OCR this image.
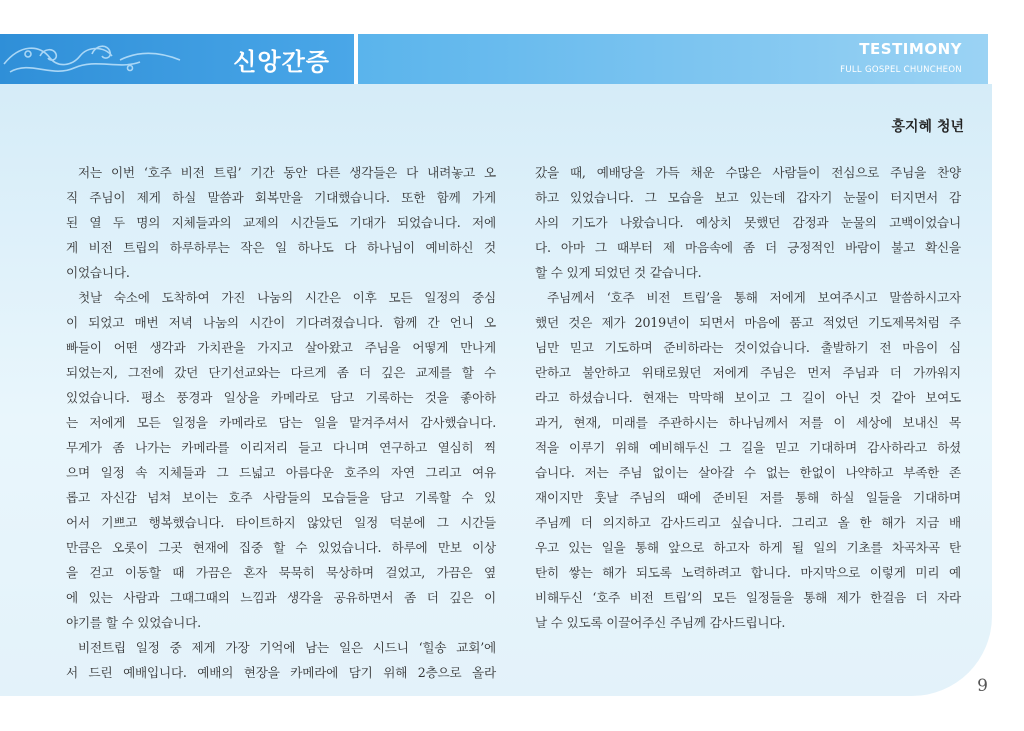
신앙간증	TESTIMONY
FULL GOSPEL CHUNCHEON
홍지혜 청년
저는 이번 ‘호주 비전 트립’ 기간 동안 다른 생각들은 다 내려놓고 오
직 주님이 제게 하실 말씀과 회복만을 기대했습니다. 또한 함께 가게
된 열 두 명의 지체들과의 교제의 시간들도 기대가 되었습니다. 저에
게 비전 트립의 하루하루는 작은 일 하나도 다 하나님이 예비하신 것
이었습니다.
첫날 숙소에 도착하여 가진 나눔의 시간은 이후 모든 일정의 중심
이 되었고 매번 저녁 나눔의 시간이 기다려졌습니다. 함께 간 언니 오
빠들이 어떤 생각과 가치관을 가지고 살아왔고 주님을 어떻게 만나게
되었는지, 그전에 갔던 단기선교와는 다르게 좀 더 깊은 교제를 할 수
있었습니다. 평소 풍경과 일상을 카메라로 담고 기록하는 것을 좋아하
는 저에게 모든 일정을 카메라로 담는 일을 맡겨주셔서 감사했습니다.
무게가 좀 나가는 카메라를 이리저리 들고 다니며 연구하고 열심히 찍
으며 일정 속 지체들과 그 드넓고 아름다운 호주의 자연 그리고 여유
롭고 자신감 넘쳐 보이는 호주 사람들의 모습들을 담고 기록할 수 있
어서 기쁘고 행복했습니다. 타이트하지 않았던 일정 덕분에 그 시간들
만큼은 오롯이 그곳 현재에 집중 할 수 있었습니다. 하루에 만보 이상
을 걷고 이동할 때 가끔은 혼자 묵묵히 묵상하며 걸었고, 가끔은 옆
에 있는 사람과 그때그때의 느낌과 생각을 공유하면서 좀 더 깊은 이
야기를 할 수 있었습니다.
비전트립 일정 중 제게 가장 기억에 남는 일은 시드니 ‘힐송 교회’에
서 드린 예배입니다. 예배의 현장을 카메라에 담기 위해 2층으로 올라
갔을 때, 예배당을 가득 채운 수많은 사람들이 전심으로 주님을 찬양
하고 있었습니다. 그 모습을 보고 있는데 갑자기 눈물이 터지면서 감
사의 기도가 나왔습니다. 예상치 못했던 감정과 눈물의 고백이었습니
다. 아마 그 때부터 제 마음속에 좀 더 긍정적인 바람이 불고 확신을
할 수 있게 되었던 것 같습니다.
주님께서 ‘호주 비전 트립’을 통해 저에게 보여주시고 말씀하시고자
했던 것은 제가 2019년이 되면서 마음에 품고 적었던 기도제목처럼 주
님만 믿고 기도하며 준비하라는 것이었습니다. 출발하기 전 마음이 심
란하고 불안하고 위태로웠던 저에게 주님은 먼저 주님과 더 가까워지
라고 하셨습니다. 현재는 막막해 보이고 그 길이 아닌 것 같아 보여도
과거, 현재, 미래를 주관하시는 하나님께서 저를 이 세상에 보내신 목
적을 이루기 위해 예비해두신 그 길을 믿고 기대하며 감사하라고 하셨
습니다. 저는 주님 없이는 살아갈 수 없는 한없이 나약하고 부족한 존
재이지만 훗날 주님의 때에 준비된 저를 통해 하실 일들을 기대하며
주님께 더 의지하고 감사드리고 싶습니다. 그리고 올 한 해가 지금 배
우고 있는 일을 통해 앞으로 하고자 하게 될 일의 기초를 차곡차곡 탄
탄히 쌓는 해가 되도록 노력하려고 합니다. 마지막으로 이렇게 미리 예
비해두신 ‘호주 비전 트립’의 모든 일정들을 통해 제가 한걸음 더 자라
날 수 있도록 이끌어주신 주님께 감사드립니다.
9
